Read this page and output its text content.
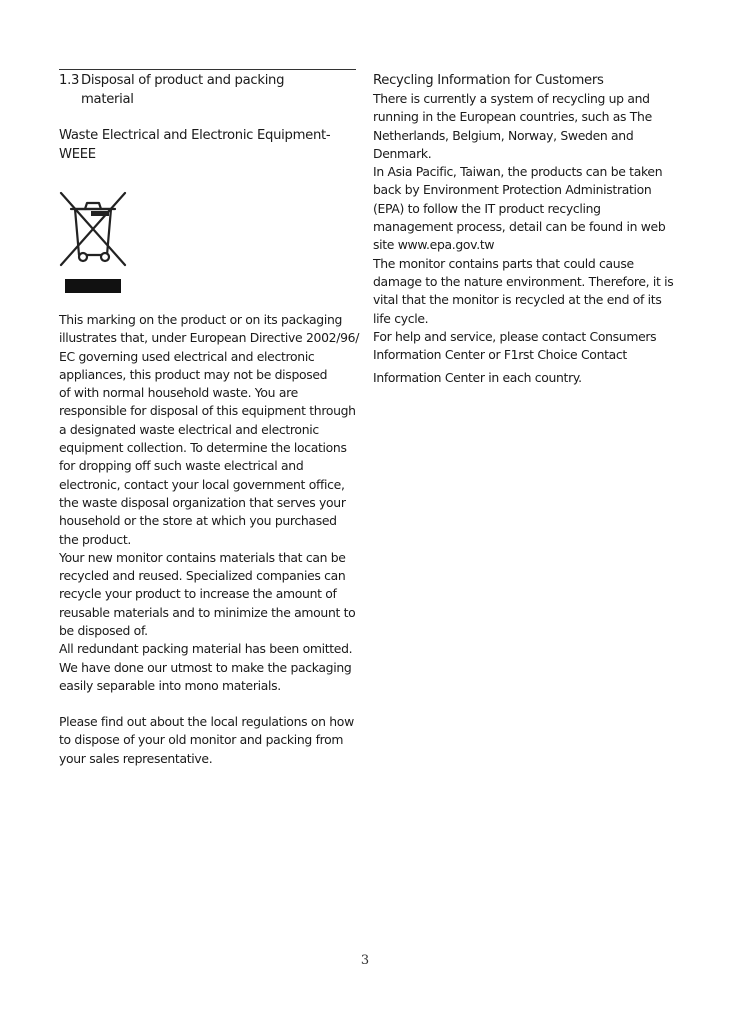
1.3 Disposal of product and packing
material
Waste Electrical and Electronic Equipment-
WEEE
This marking on the product or on its packaging
illustrates that, under European Directive 2002/96/
EC governing used electrical and electronic
appliances, this product may not be disposed
of with normal household waste. You are
responsible for disposal of this equipment through
a designated waste electrical and electronic
equipment collection. To determine the locations
for dropping off such waste electrical and
electronic, contact your local government office,
the waste disposal organization that serves your
household or the store at which you purchased
the product.
Your new monitor contains materials that can be
recycled and reused. Specialized companies can
recycle your product to increase the amount of
reusable materials and to minimize the amount to
be disposed of.
All redundant packing material has been omitted.
We have done our utmost to make the packaging
easily separable into mono materials.
Please find out about the local regulations on how
to dispose of your old monitor and packing from
your sales representative.
Recycling Information for Customers
There is currently a system of recycling up and
running in the European countries, such as The
Netherlands, Belgium, Norway, Sweden and
Denmark.
In Asia Pacific, Taiwan, the products can be taken
back by Environment Protection Administration
(EPA) to follow the IT product recycling
management process, detail can be found in web
site www.epa.gov.tw
The monitor contains parts that could cause
damage to the nature environment. Therefore, it is
vital that the monitor is recycled at the end of its
life cycle.
For help and service, please contact Consumers
Information Center or F1rst Choice Contact
Information Center in each country.
3
